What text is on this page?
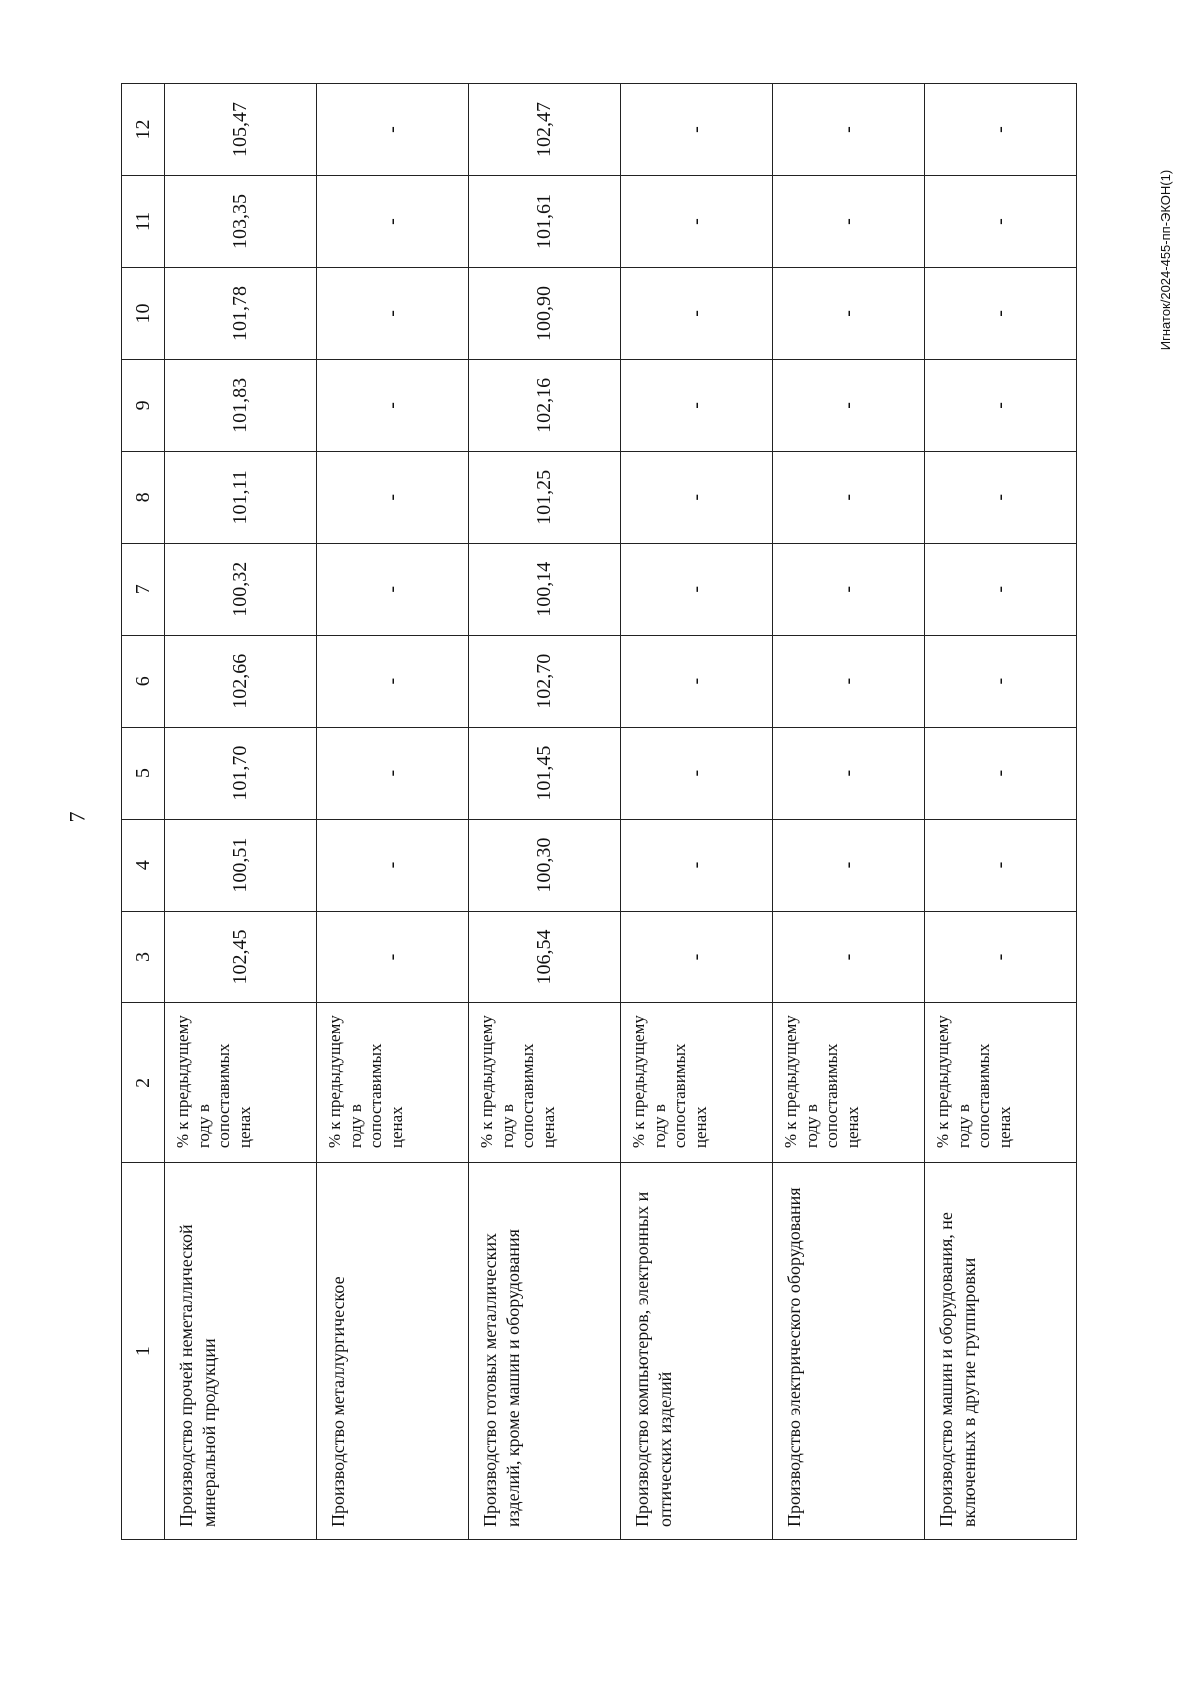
7
1	2	3	4	5	6	7	8	9	10	11	12
Производство прочей неметаллической минеральной продукции	% к предыдущему году в сопоставимых ценах	102,45	100,51	101,70	102,66	100,32	101,11	101,83	101,78	103,35	105,47
Производство металлургическое	% к предыдущему году в сопоставимых ценах	-	-	-	-	-	-	-	-	-	-
Производство готовых металлических изделий, кроме машин и оборудования	% к предыдущему году в сопоставимых ценах	106,54	100,30	101,45	102,70	100,14	101,25	102,16	100,90	101,61	102,47
Производство компьютеров, электронных и оптических изделий	% к предыдущему году в сопоставимых ценах	-	-	-	-	-	-	-	-	-	-
Производство электрического оборудования	% к предыдущему году в сопоставимых ценах	-	-	-	-	-	-	-	-	-	-
Производство машин и оборудования, не включенных в другие группировки	% к предыдущему году в сопоставимых ценах	-	-	-	-	-	-	-	-	-	-
Игнаток/2024-455-пп-ЭКОН(1)
